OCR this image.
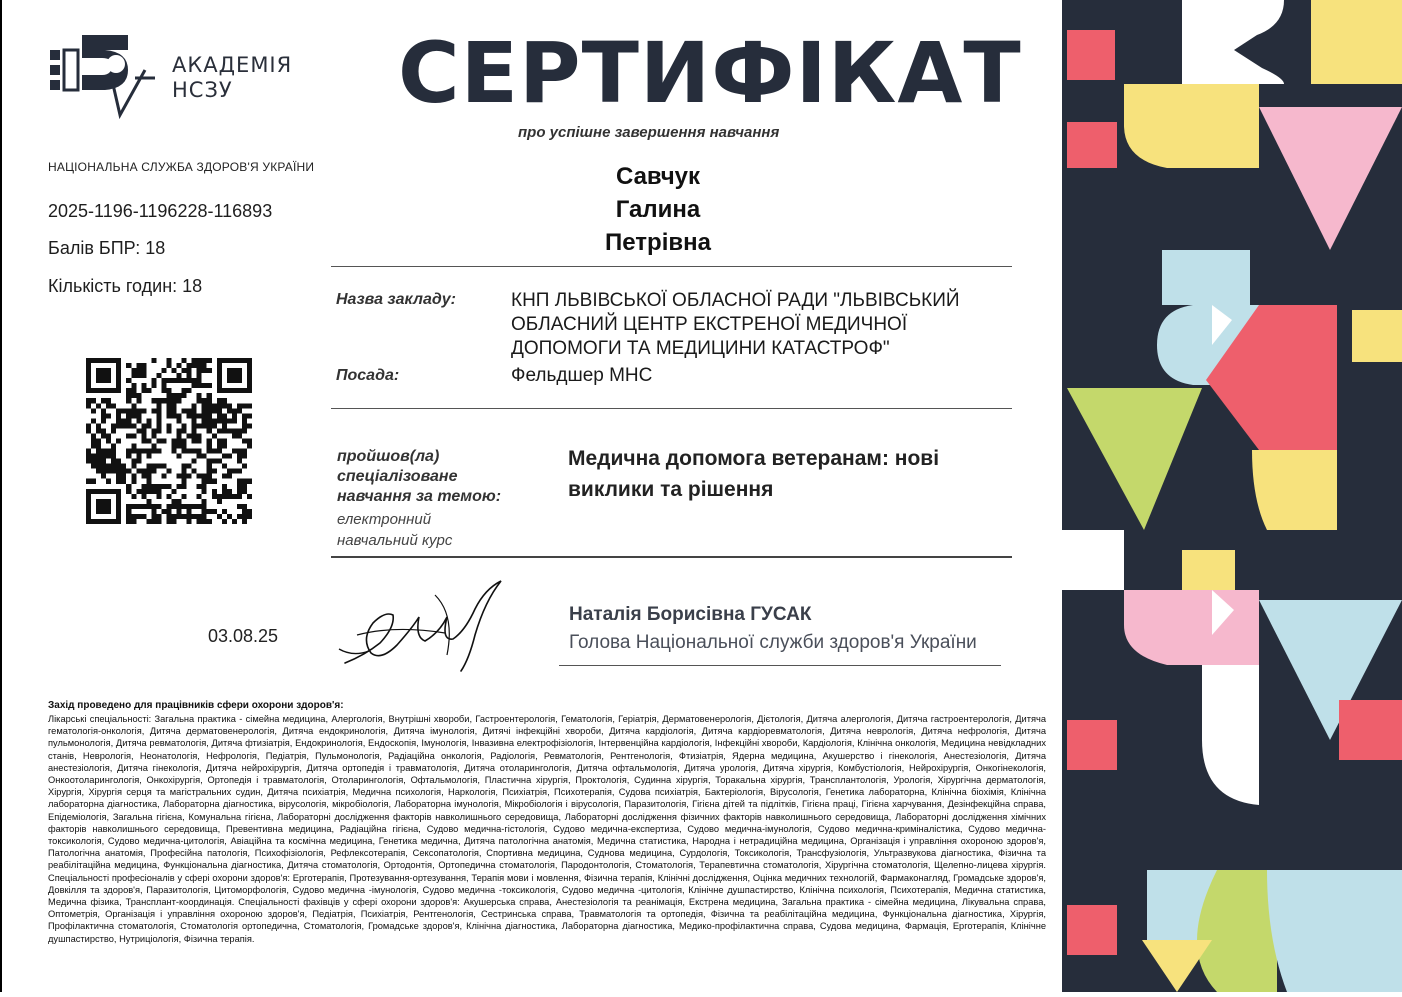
АКАДЕМІЯ
НСЗУ
НАЦІОНАЛЬНА СЛУЖБА ЗДОРОВ'Я УКРАЇНИ
2025-1196-1196228-116893
Балів БПР: 18
Кількість годин: 18
СЕРТИФІКАТ
про успішне завершення навчання
Савчук
Галина
Петрівна
Назва закладу:	КНП ЛЬВІВСЬКОЇ ОБЛАСНОЇ РАДИ "ЛЬВІВСЬКИЙ
ОБЛАСНИЙ ЦЕНТР ЕКСТРЕНОЇ МЕДИЧНОЇ
ДОПОМОГИ ТА МЕДИЦИНИ КАТАСТРОФ"
Посада:	Фельдшер МНС
пройшов(ла)
спеціалізоване
навчання за темою:
електронний
навчальний курс
Медична допомога ветеранам: нові
виклики та рішення
03.08.25
Наталія Борисівна ГУСАК
Голова Національної служби здоров'я України
Захід проведено для працівників сфери охорони здоров'я:
Лікарські спеціальності: Загальна практика - сімейна медицина, Алергологія, Внутрішні хвороби, Гастроентерологія, Гематологія, Геріатрія, Дерматовенерологія, Дієтологія, Дитяча алергологія, Дитяча гастроентерологія, Дитяча гематологія-онкологія, Дитяча дерматовенерологія, Дитяча ендокринологія, Дитяча імунологія, Дитячі інфекційні хвороби, Дитяча кардіологія, Дитяча кардіоревматологія, Дитяча неврологія, Дитяча нефрологія, Дитяча пульмонологія, Дитяча ревматологія, Дитяча фтизіатрія, Ендокринологія, Ендоскопія, Імунологія, Інвазивна електрофізіологія, Інтервенційна кардіологія, Інфекційні хвороби, Кардіологія, Клінічна онкологія, Медицина невідкладних станів, Неврологія, Неонатологія, Нефрологія, Педіатрія, Пульмонологія, Радіаційна онкологія, Радіологія, Ревматологія, Рентгенологія, Фтизіатрія, Ядерна медицина, Акушерство і гінекологія, Анестезіологія, Дитяча анестезіологія, Дитяча гінекологія, Дитяча нейрохірургія, Дитяча ортопедія і травматологія, Дитяча отоларингологія, Дитяча офтальмологія, Дитяча урологія, Дитяча хірургія, Комбустіологія, Нейрохірургія, Онкогінекологія, Онкоотоларингологія, Онкохірургія, Ортопедія і травматологія, Отоларингологія, Офтальмологія, Пластична хірургія, Проктологія, Судинна хірургія, Торакальна хірургія, Трансплантологія, Урологія, Хірургічна дерматологія, Хірургія, Хірургія серця та магістральних судин, Дитяча психіатрія, Медична психологія, Наркологія, Психіатрія, Психотерапія, Судова психіатрія, Бактеріологія, Вірусологія, Генетика лабораторна, Клінічна біохімія, Клінічна лабораторна діагностика, Лабораторна діагностика, вірусологія, мікробіологія, Лабораторна імунологія, Мікробіологія і вірусологія, Паразитологія, Гігієна дітей та підлітків, Гігієна праці, Гігієна харчування, Дезінфекційна справа, Епідеміологія, Загальна гігієна, Комунальна гігієна, Лабораторні дослідження факторів навколишнього середовища, Лабораторні дослідження фізичних факторів навколишнього середовища, Лабораторні дослідження хімічних факторів навколишнього середовища, Превентивна медицина, Радіаційна гігієна, Судово медична-гістологія, Судово медична-експертиза, Судово медична-імунологія, Судово медична-криміналістика, Судово медична-токсикологія, Судово медична-цитологія, Авіаційна та космічна медицина, Генетика медична, Дитяча патологічна анатомія, Медична статистика, Народна і нетрадиційна медицина, Організація і управління охороною здоров'я, Патологічна анатомія, Професійна патологія, Психофізіологія, Рефлексотерапія, Сексопатологія, Спортивна медицина, Суднова медицина, Сурдологія, Токсикологія, Трансфузіологія, Ультразвукова діагностика, Фізична та реабілітаційна медицина, Функціональна діагностика, Дитяча стоматологія, Ортодонтія, Ортопедична стоматологія, Пародонтологія, Стоматологія, Терапевтична стоматологія, Хірургічна стоматологія, Щелепно-лицева хірургія. Спеціальності професіоналів у сфері охорони здоров'я: Ерготерапія, Протезування-ортезування, Терапія мови і мовлення, Фізична терапія, Клінічні дослідження, Оцінка медичних технологій, Фармаконагляд, Громадське здоров'я, Довкілля та здоров'я, Паразитологія, Цитоморфологія, Судово медична -імунологія, Судово медична -токсикологія, Судово медична -цитологія, Клінічне душпастирство, Клінічна психологія, Психотерапія, Медична статистика, Медична фізика, Трансплант-координація. Спеціальності фахівців у сфері охорони здоров'я: Акушерська справа, Анестезіологія та реанімація, Екстрена медицина, Загальна практика - сімейна медицина, Лікувальна справа, Оптометрія, Організація і управління охороною здоров'я, Педіатрія, Психіатрія, Рентгенологія, Сестринська справа, Травматологія та ортопедія, Фізична та реабілітаційна медицина, Функціональна діагностика, Хірургія, Профілактична стоматологія, Стоматологія ортопедична, Стоматологія, Громадське здоров'я, Клінічна діагностика, Лабораторна діагностика, Медико-профілактична справа, Судова медицина, Фармація, Ерготерапія, Клінічне душпастирство, Нутриціологія, Фізична терапія.
